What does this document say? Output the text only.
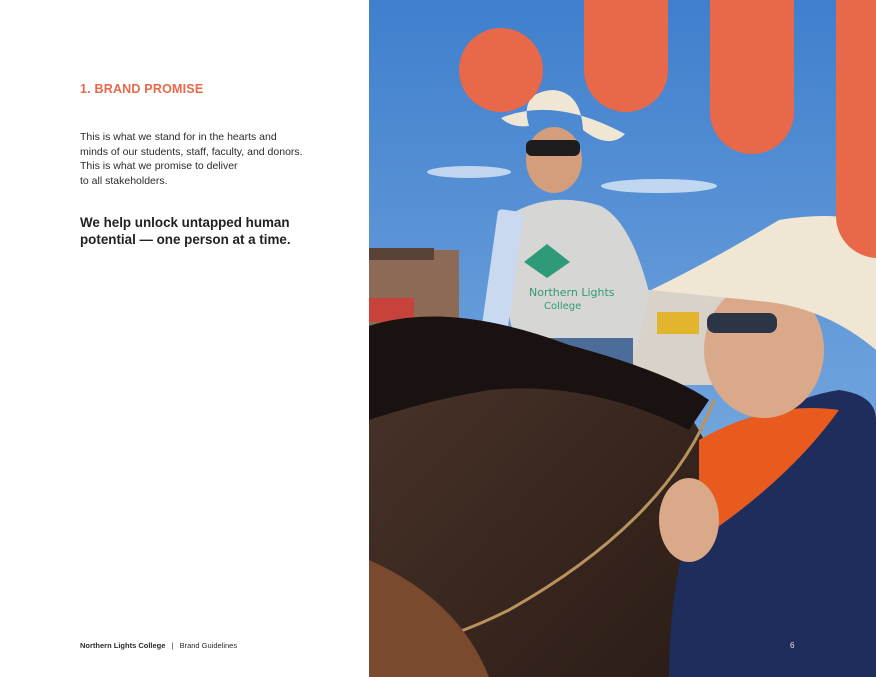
1. BRAND PROMISE
This is what we stand for in the hearts and
minds of our students, staff, faculty, and donors.
This is what we promise to deliver
to all stakeholders.

We help unlock untapped human
potential — one person at a time.

Northern Lights College | Brand Guidelines
Northern Lights
College
6
